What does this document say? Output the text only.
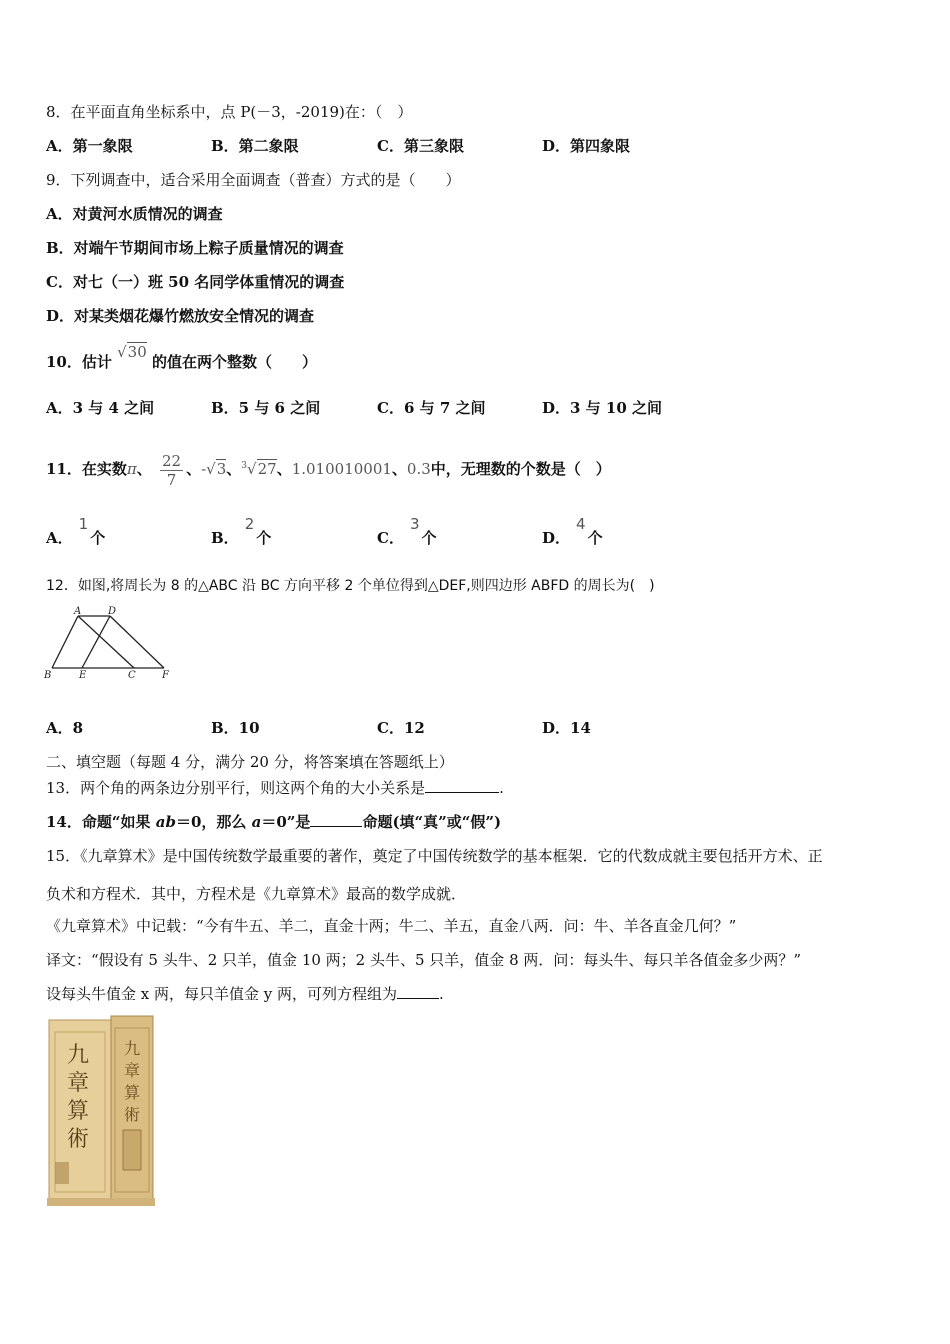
8．在平面直角坐标系中，点 P(－3，-2019)在：（　）
A．第一象限	B．第二象限	C．第三象限	D．第四象限
9．下列调查中，适合采用全面调查（普查）方式的是（　　）
A．对黄河水质情况的调查
B．对端午节期间市场上粽子质量情况的调查
C．对七（一）班 50 名同学体重情况的调查
D．对某类烟花爆竹燃放安全情况的调查
10．估计 √30 的值在两个整数（　　）
A．3 与 4 之间	B．5 与 6 之间	C．6 与 7 之间	D．3 与 10 之间
11．在实数π、 $\frac{22}{7}$ 、-√3、$^3$√27、1.010010001、0.3中，无理数的个数是（　）
A．1个	B．2个	C．3个	D．4个
12．如图,将周长为 8 的△ABC 沿 BC 方向平移 2 个单位得到△DEF,则四边形 ABFD 的周长为(　)
A	D
B	E	C	F
A．8	B．10	C．12	D．14
二、填空题（每题 4 分，满分 20 分，将答案填在答题纸上）
13．两个角的两条边分别平行，则这两个角的大小关系是	.
14．命题“如果 ab＝0，那么 a＝0”是	命题(填“真”或“假”)
15．《九章算术》是中国传统数学最重要的著作，奠定了中国传统数学的基本框架．它的代数成就主要包括开方术、正
负术和方程术．其中，方程术是《九章算术》最高的数学成就．
《九章算术》中记载：“今有牛五、羊二，直金十两；牛二、羊五，直金八两．问：牛、羊各直金几何？”
译文：“假设有 5 头牛、2 只羊，值金 10 两；2 头牛、5 只羊，值金 8 两．问：每头牛、每只羊各值金多少两？”
设每头牛值金 x 两，每只羊值金 y 两，可列方程组为	.
九
章
算
術
九
章
算
術
